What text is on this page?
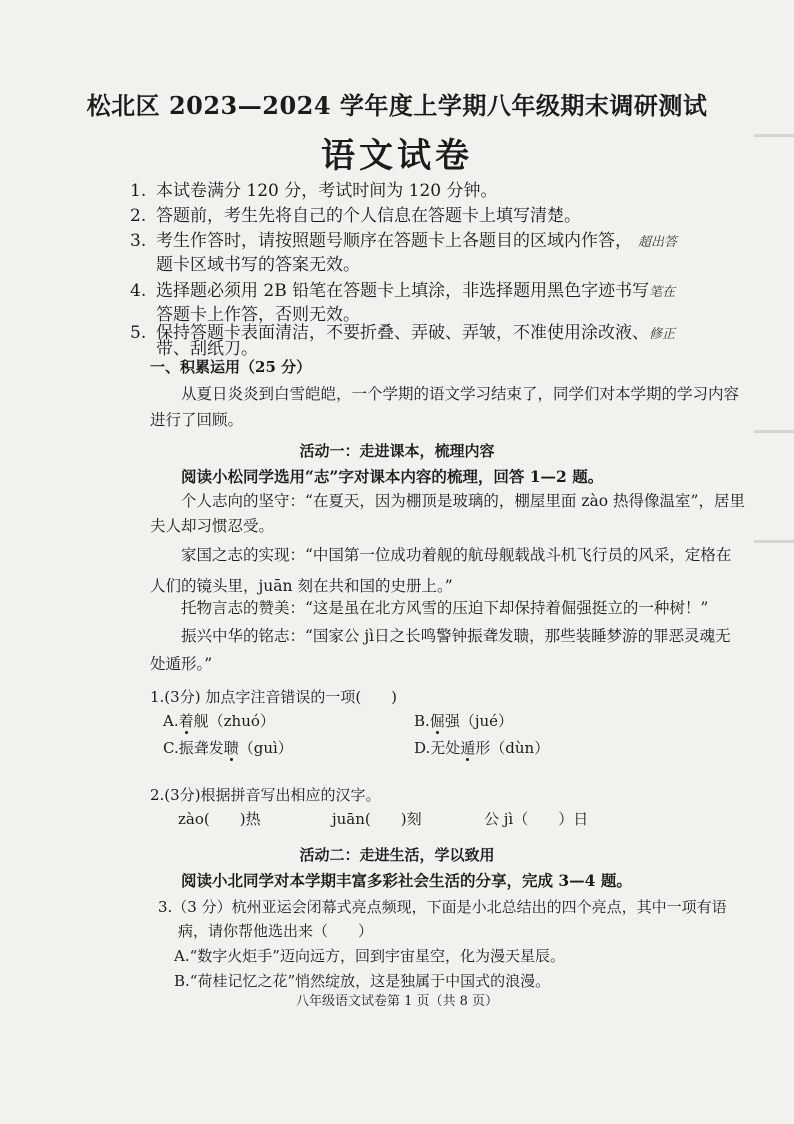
松北区 2023—2024 学年度上学期八年级期末调研测试
语文试卷
1. 本试卷满分 120 分，考试时间为 120 分钟。
2. 答题前，考生先将自己的个人信息在答题卡上填写清楚。
3. 考生作答时，请按照题号顺序在答题卡上各题目的区域内作答， 超出答
题卡区域书写的答案无效。
4. 选择题必须用 2B 铅笔在答题卡上填涂，非选择题用黑色字迹书写笔在
答题卡上作答，否则无效。
5. 保持答题卡表面清洁，不要折叠、弄破、弄皱，不准使用涂改液、修正
带、刮纸刀。
一、积累运用（25 分）
从夏日炎炎到白雪皑皑，一个学期的语文学习结束了，同学们对本学期的学习内容
进行了回顾。
活动一：走进课本，梳理内容
阅读小松同学选用“志”字对课本内容的梳理，回答 1—2 题。
个人志向的坚守：“在夏天，因为棚顶是玻璃的，棚屋里面 zào 热得像温室”，居里
夫人却习惯忍受。
家国之志的实现：“中国第一位成功着舰的航母舰载战斗机飞行员的风采，定格在
人们的镜头里，juān 刻在共和国的史册上。”
托物言志的赞美：“这是虽在北方风雪的压迫下却保持着倔强挺立的一种树！”
振兴中华的铭志：“国家公 jì日之长鸣警钟振聋发聩，那些装睡梦游的罪恶灵魂无
处遁形。”
1.(3分) 加点字注音错误的一项(　　)
A.着舰（zhuó）	B.倔强（jué）
C.振聋发聩（guì）	D.无处遁形（dùn）
2.(3分)根据拼音写出相应的汉字。
zào(　　)热	juān(　　)刻	公 jì（　　）日
活动二：走进生活，学以致用
阅读小北同学对本学期丰富多彩社会生活的分享，完成 3—4 题。
3.（3 分）杭州亚运会闭幕式亮点频现，下面是小北总结出的四个亮点，其中一项有语
病，请你帮他选出来（　　）
A.“数字火炬手”迈向远方，回到宇宙星空，化为漫天星辰。
B.“荷桂记忆之花”悄然绽放，这是独属于中国式的浪漫。
八年级语文试卷第 1 页（共 8 页）
